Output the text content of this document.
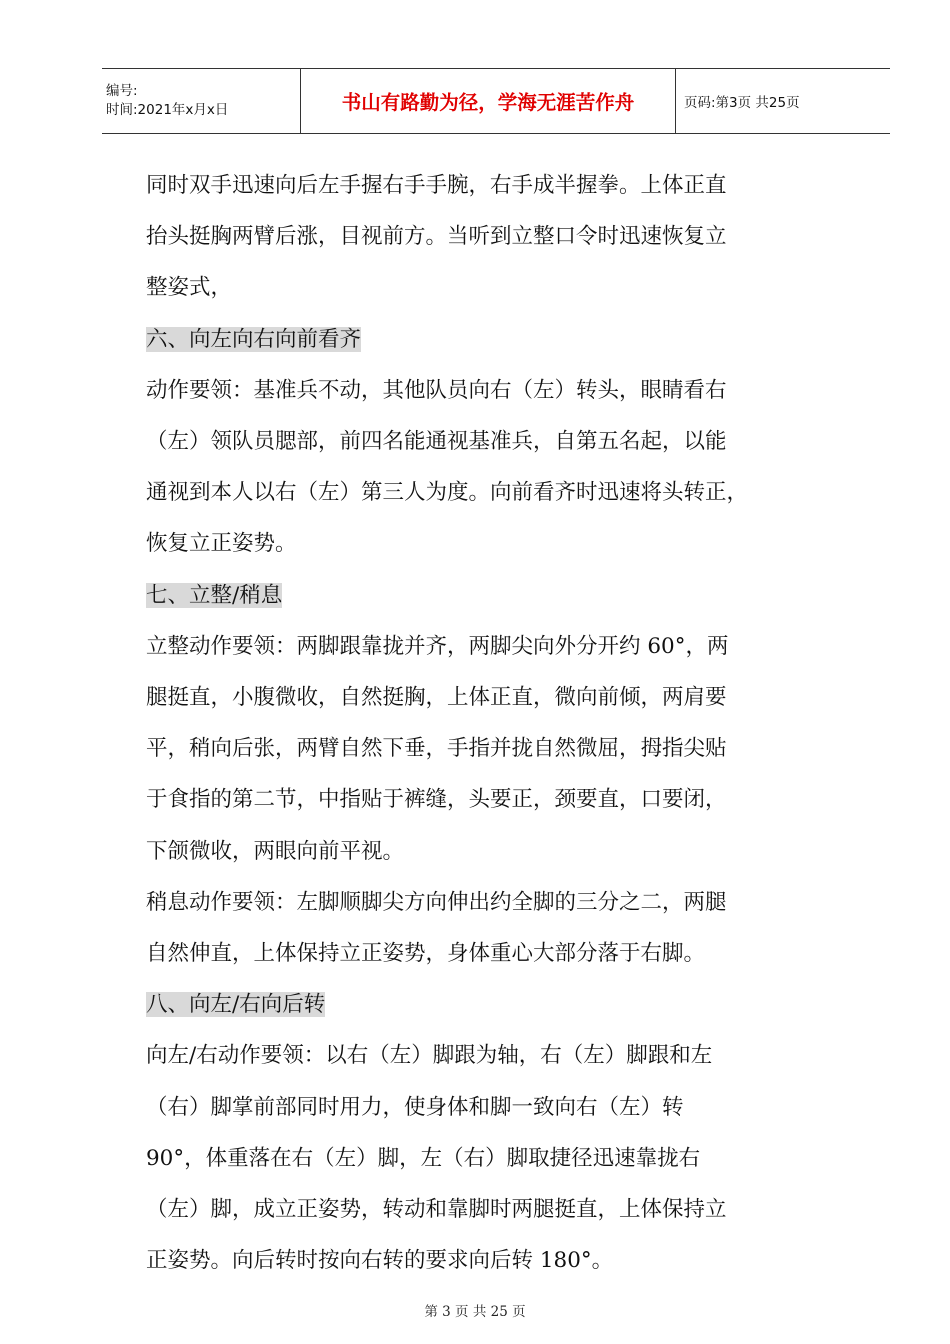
编号:
时间:2021年x月x日	书山有路勤为径，学海无涯苦作舟	页码:第3页 共25页

同时双手迅速向后左手握右手手腕，右手成半握拳。上体正直

抬头挺胸两臂后涨，目视前方。当听到立整口令时迅速恢复立

整姿式，

六、向左向右向前看齐

动作要领：基准兵不动，其他队员向右（左）转头，眼睛看右

（左）领队员腮部，前四名能通视基准兵，自第五名起，以能

通视到本人以右（左）第三人为度。向前看齐时迅速将头转正，

恢复立正姿势。

七、立整/稍息

立整动作要领：两脚跟靠拢并齐，两脚尖向外分开约 60°，两

腿挺直，小腹微收，自然挺胸，上体正直，微向前倾，两肩要

平，稍向后张，两臂自然下垂，手指并拢自然微屈，拇指尖贴

于食指的第二节，中指贴于裤缝，头要正，颈要直，口要闭，

下颌微收，两眼向前平视。

稍息动作要领：左脚顺脚尖方向伸出约全脚的三分之二，两腿

自然伸直，上体保持立正姿势，身体重心大部分落于右脚。

八、向左/右向后转

向左/右动作要领：以右（左）脚跟为轴，右（左）脚跟和左

（右）脚掌前部同时用力，使身体和脚一致向右（左）转

90°，体重落在右（左）脚，左（右）脚取捷径迅速靠拢右

（左）脚，成立正姿势，转动和靠脚时两腿挺直，上体保持立

正姿势。向后转时按向右转的要求向后转 180°。

第 3 页 共 25 页
